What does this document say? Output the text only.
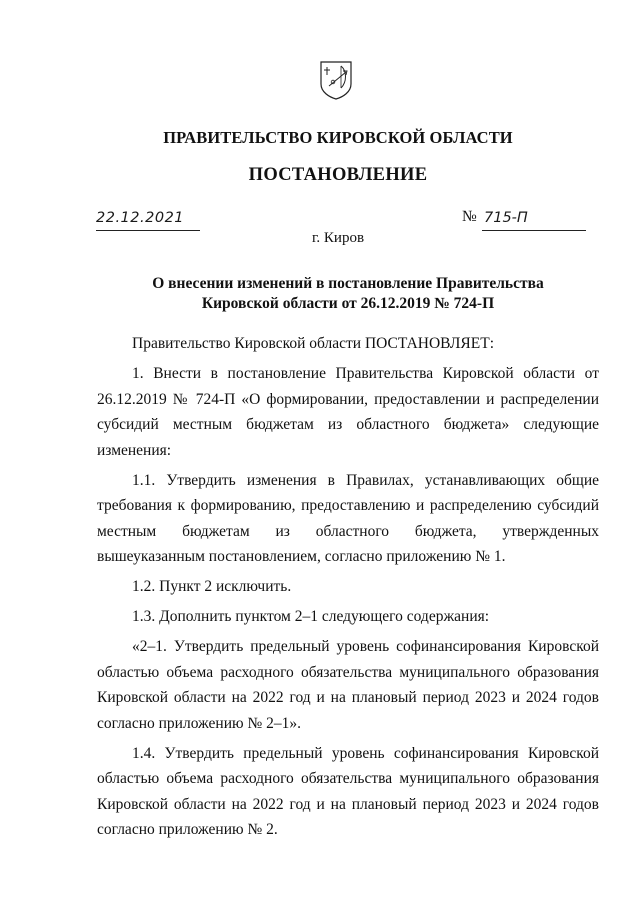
ПРАВИТЕЛЬСТВО КИРОВСКОЙ ОБЛАСТИ
ПОСТАНОВЛЕНИЕ
22.12.2021	№ 715-П
г. Киров
О внесении изменений в постановление Правительства
Кировской области от 26.12.2019 № 724-П

Правительство Кировской области ПОСТАНОВЛЯЕТ:

1. Внести в постановление Правительства Кировской области от 26.12.2019 № 724-П «О формировании, предоставлении и распределении субсидий местным бюджетам из областного бюджета» следующие изменения:

1.1. Утвердить изменения в Правилах, устанавливающих общие требования к формированию, предоставлению и распределению субсидий местным бюджетам из областного бюджета, утвержденных вышеуказанным постановлением, согласно приложению № 1.

1.2. Пункт 2 исключить.

1.3. Дополнить пунктом 2–1 следующего содержания:

«2–1. Утвердить предельный уровень софинансирования Кировской областью объема расходного обязательства муниципального образования Кировской области на 2022 год и на плановый период 2023 и 2024 годов согласно приложению № 2–1».

1.4. Утвердить предельный уровень софинансирования Кировской областью объема расходного обязательства муниципального образования Кировской области на 2022 год и на плановый период 2023 и 2024 годов согласно приложению № 2.
